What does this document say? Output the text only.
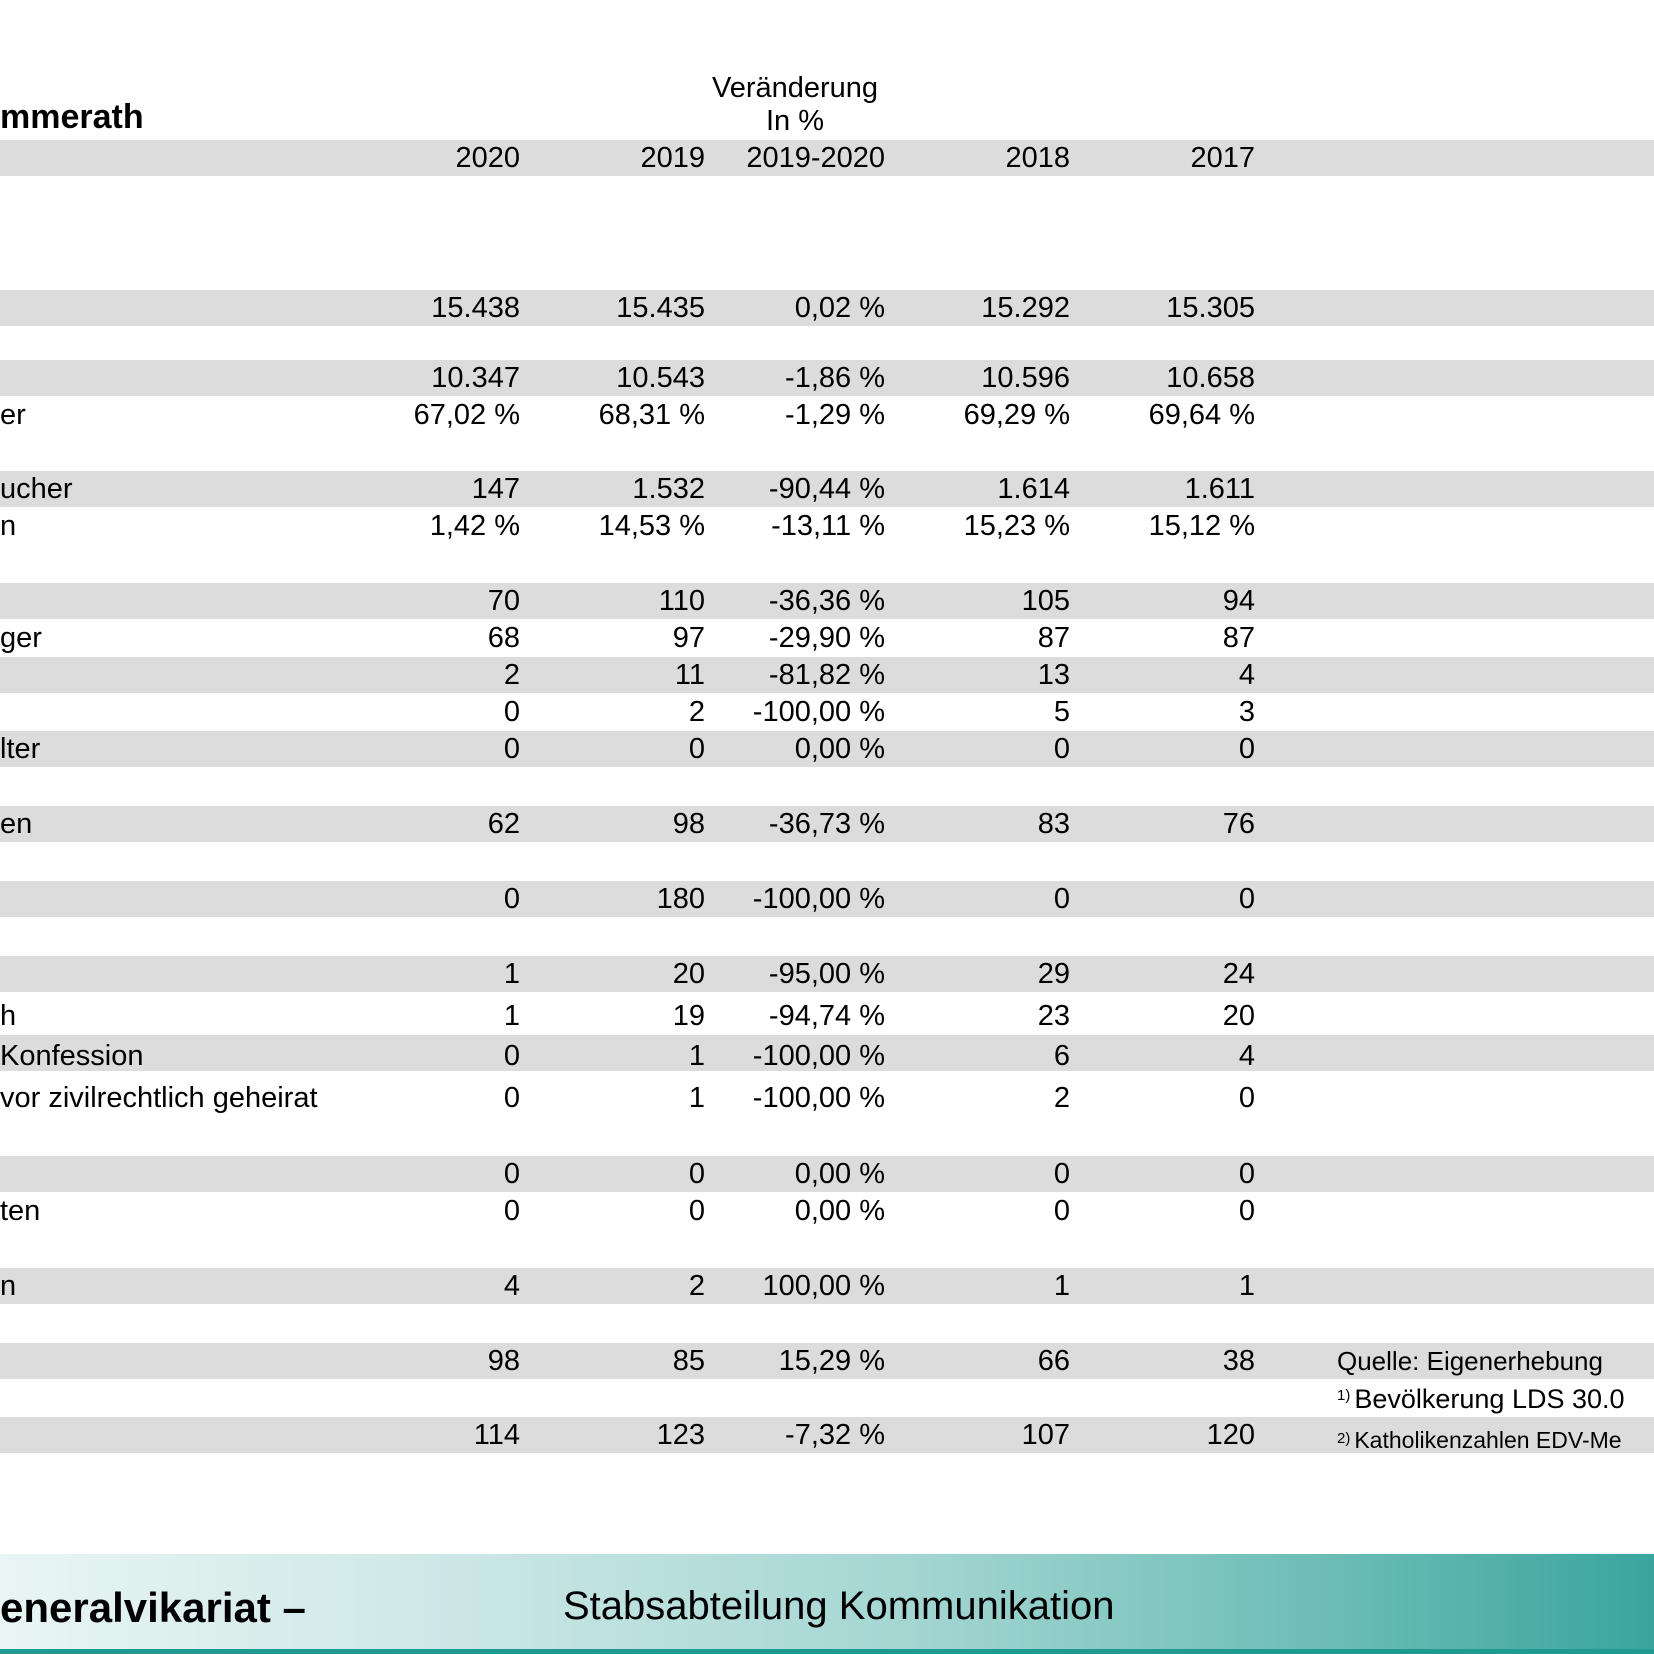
mmerath
Veränderung
In %
2020	2019	2019-2020	2018	2017
15.438	15.435	0,02 %	15.292	15.305
10.347	10.543	-1,86 %	10.596	10.658
er	67,02 %	68,31 %	-1,29 %	69,29 %	69,64 %
ucher	147	1.532	-90,44 %	1.614	1.611
n	1,42 %	14,53 %	-13,11 %	15,23 %	15,12 %
70	110	-36,36 %	105	94
ger	68	97	-29,90 %	87	87
2	11	-81,82 %	13	4
0	2	-100,00 %	5	3
lter	0	0	0,00 %	0	0
en	62	98	-36,73 %	83	76
0	180	-100,00 %	0	0
1	20	-95,00 %	29	24
h	1	19	-94,74 %	23	20
Konfession	0	1	-100,00 %	6	4
vor zivilrechtlich geheirat	0	1	-100,00 %	2	0
0	0	0,00 %	0	0
ten	0	0	0,00 %	0	0
n	4	2	100,00 %	1	1
98	85	15,29 %	66	38
114	123	-7,32 %	107	120
Quelle: Eigenerhebung
$^{1)}$ Bevölkerung LDS 30.0
$^{2)}$ Katholikenzahlen EDV-Me
eneralvikariat –	Stabsabteilung Kommunikation
